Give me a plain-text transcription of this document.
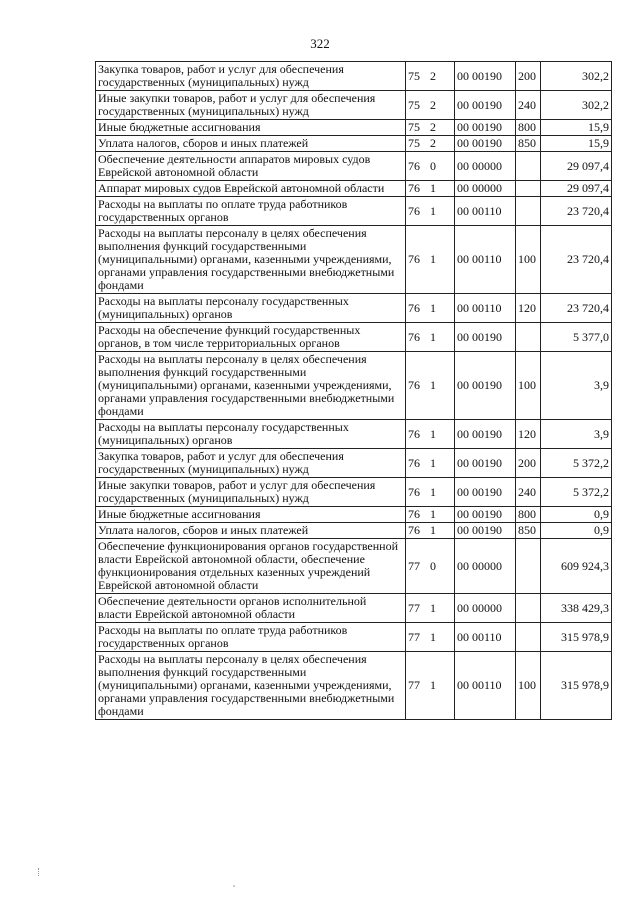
322
Закупка товаров, работ и услуг для обеспечения государственных (муниципальных) нужд	75 2	00 00190	200	302,2
Иные закупки товаров, работ и услуг для обеспечения государственных (муниципальных) нужд	75 2	00 00190	240	302,2
Иные бюджетные ассигнования	75 2	00 00190	800	15,9
Уплата налогов, сборов и иных платежей	75 2	00 00190	850	15,9
Обеспечение деятельности аппаратов мировых судов Еврейской автономной области	76 0	00 00000		29 097,4
Аппарат мировых судов Еврейской автономной области	76 1	00 00000		29 097,4
Расходы на выплаты по оплате труда работников государственных органов	76 1	00 00110		23 720,4
Расходы на выплаты персоналу в целях обеспечения выполнения функций государственными (муниципальными) органами, казенными учреждениями, органами управления государственными внебюджетными фондами	76 1	00 00110	100	23 720,4
Расходы на выплаты персоналу государственных (муниципальных) органов	76 1	00 00110	120	23 720,4
Расходы на обеспечение функций государственных органов, в том числе территориальных органов	76 1	00 00190		5 377,0
Расходы на выплаты персоналу в целях обеспечения выполнения функций государственными (муниципальными) органами, казенными учреждениями, органами управления государственными внебюджетными фондами	76 1	00 00190	100	3,9
Расходы на выплаты персоналу государственных (муниципальных) органов	76 1	00 00190	120	3,9
Закупка товаров, работ и услуг для обеспечения государственных (муниципальных) нужд	76 1	00 00190	200	5 372,2
Иные закупки товаров, работ и услуг для обеспечения государственных (муниципальных) нужд	76 1	00 00190	240	5 372,2
Иные бюджетные ассигнования	76 1	00 00190	800	0,9
Уплата налогов, сборов и иных платежей	76 1	00 00190	850	0,9
Обеспечение функционирования органов государственной власти Еврейской автономной области, обеспечение функционирования отдельных казенных учреждений Еврейской автономной области	77 0	00 00000		609 924,3
Обеспечение деятельности органов исполнительной власти Еврейской автономной области	77 1	00 00000		338 429,3
Расходы на выплаты по оплате труда работников государственных органов	77 1	00 00110		315 978,9
Расходы на выплаты персоналу в целях обеспечения выполнения функций государственными (муниципальными) органами, казенными учреждениями, органами управления государственными внебюджетными фондами	77 1	00 00110	100	315 978,9
